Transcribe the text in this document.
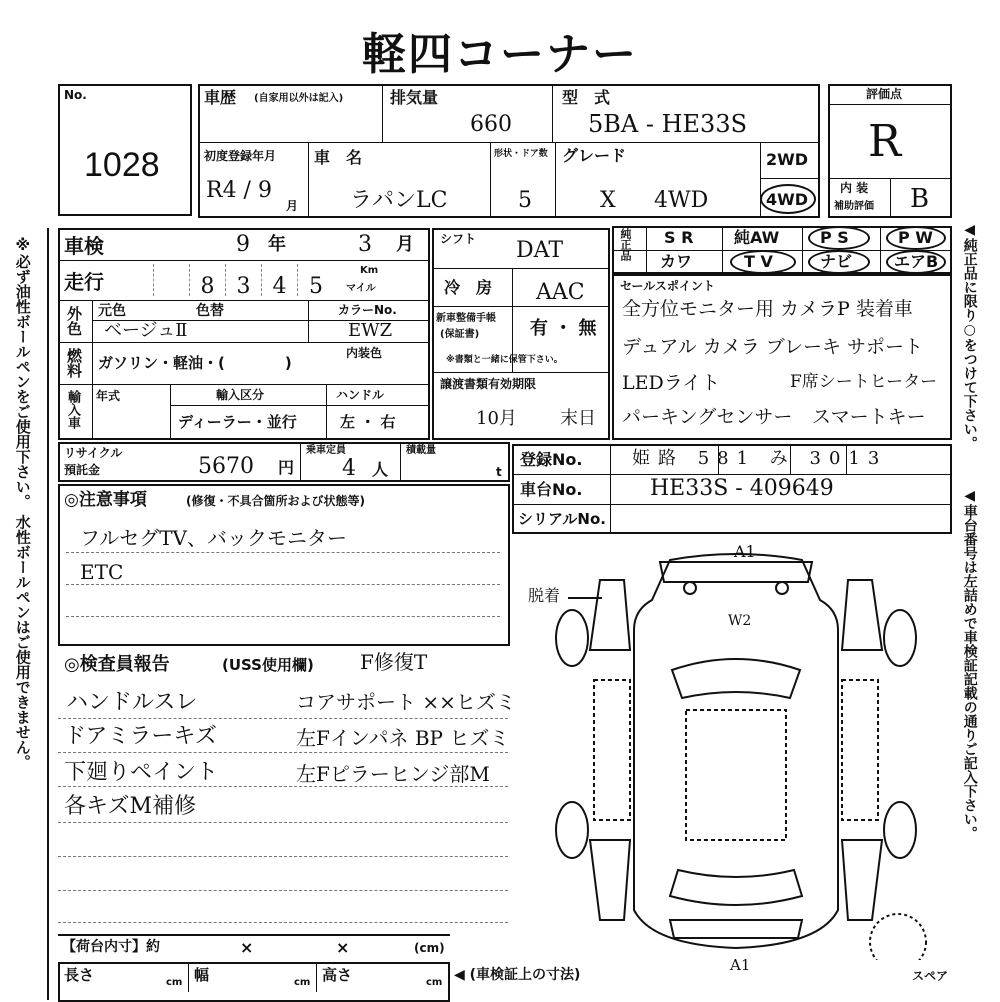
軽四コーナー
※必ず油性ボールペンをご使用下さい。 水性ボールペンはご使用できません。	◀純正品に限り○をつけて下さい。
◀車台番号は左詰めで車検証記載の通りご記入下さい。
No.
1028
車歴 (自家用以外は記入)	排気量
660
型　式
5BA - HE33S
初度登録年月
R4 / 9
月
車　名
ラパンLC
形状・ドア数
5
グレード
X 4WD
2WD
4WD
評価点
R
内 装
補助評価 B
車検	9 年	3 月
走行	8	3	4	5
Km
マイル
外色 元色	色替
ベージュⅡ
カラーNo.
EWZ
燃料 ガソリン・軽油・(　　　　)
内装色
輸入車 年式	輸入区分
ディーラー・並行
ハンドル
左 ・ 右
シフト DAT
冷　房 AAC
新車整備手帳
(保証書)	有 ・ 無
※書類と一緒に保管下さい。
譲渡書類有効期限
10月 末日
純正品 S R	純AW	P S	P W
カワ	T V	ナビ	エアB
セールスポイント
全方位モニター用 カメラP 装着車
デュアル カメラ ブレーキ サポート
LEDライト	F席シートヒーター
パーキングセンサー スマートキー
リサイクル
預託金	5670 円
乗車定員
4 人
積載量
t
登録No.	姫路 581 み 3013
車台No.	HE33S - 409649
シリアルNo.
◎注意事項	(修復・不具合箇所および状態等)
フルセグTV、バックモニター
ETC
◎検査員報告	(USS使用欄) F修復T
ハンドルスレ
ドアミラーキズ
下廻りペイント
各キズM補修
コアサポート ××ヒズミ
左Fインパネ BP ヒズミ
左Fピラーヒンジ部M
A1
W2
脱着
A1
スペア
【荷台内寸】約	×	×	(cm)
長さ	cm 幅	cm 高さ	cm ◀ (車検証上の寸法)
